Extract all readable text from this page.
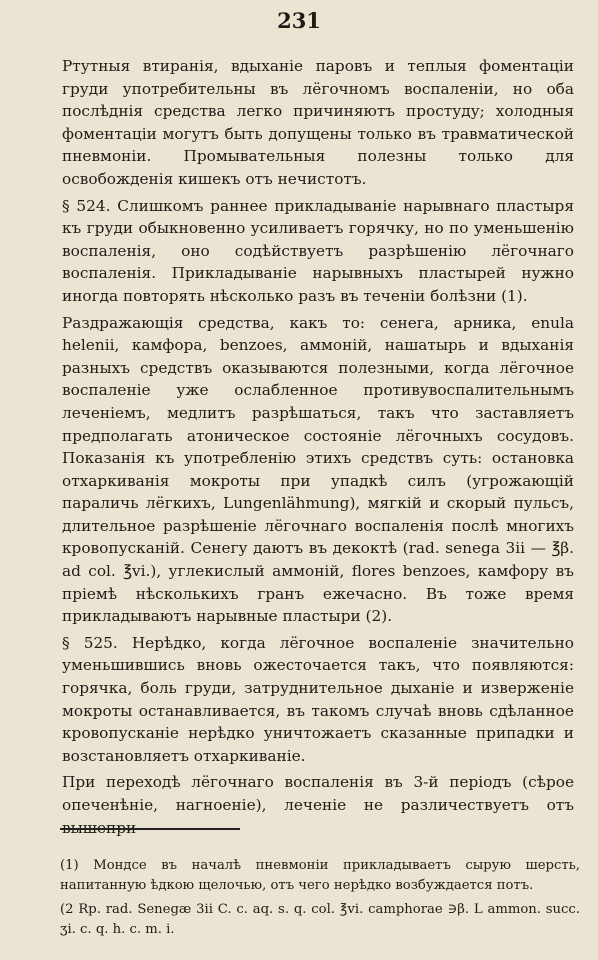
231

Ртутныя втиранія, вдыханіе паровъ и теплыя фоментаціи груди употребительны въ лёгочномъ воспаленіи, но оба послѣднія средства легко причиняютъ простуду; холодныя фоментаціи могутъ быть допущены только въ травматической пневмоніи. Промывательныя полезны только для освобожденія кишекъ отъ нечистотъ.

§ 524. Слишкомъ раннее прикладываніе нарывнаго пластыря къ груди обыкновенно усиливаетъ горячку, но по уменьшенію воспаленія, оно содѣйствуетъ разрѣшенію лёгочнаго воспаленія. Прикладываніе нарывныхъ пластырей нужно иногда повторять нѣсколько разъ въ теченіи болѣзни (1).

Раздражающія средства, какъ то: сенега, арника, enula helenii, камфора, benzoes, аммоній, нашатырь и вдыханія разныхъ средствъ оказываются полезными, когда лёгочное воспаленіе уже ослабленное противувоспалительнымъ леченіемъ, медлитъ разрѣшаться, такъ что заставляетъ предполагать атоническое состояніе лёгочныхъ сосудовъ. Показанія къ употребленію этихъ средствъ суть: остановка отхаркиванія мокроты при упадкѣ силъ (угрожающій параличь лёгкихъ, Lungenlähmung), мягкій и скорый пульсъ, длительное разрѣшеніе лёгочнаго воспаленія послѣ многихъ кровопусканій. Сенегу даютъ въ декоктѣ (rad. senega 3ii — ℥β. ad col. ℥vi.), углекислый аммоній, flores benzoes, камфору въ пріемѣ нѣсколькихъ гранъ ежечасно. Въ тоже время прикладываютъ нарывные пластыри (2).

§ 525. Нерѣдко, когда лёгочное воспаленіе значительно уменьшившись вновь ожесточается такъ, что появляются: горячка, боль груди, затруднительное дыханіе и изверженіе мокроты останавливается, въ такомъ случаѣ вновь сдѣланное кровопусканіе нерѣдко уничтожаетъ сказанные припадки и возстановляетъ отхаркиваніе.

При переходѣ лёгочнаго воспаленія въ 3-й періодъ (сѣрое опеченѣніе, нагноеніе), леченіе не различествуетъ отъ вышепри-

(1) Мондсе въ началѣ пневмоніи прикладываетъ сырую шерсть, напитанную ѣдкою щелочью, отъ чего нерѣдко возбуждается потъ.

(2 Rp. rad. Senegæ 3ii C. c. aq. s. q. col. ℥vi. camphorae ∋β. L ammon. succ. ʒi. c. q. h. c. m. i.
